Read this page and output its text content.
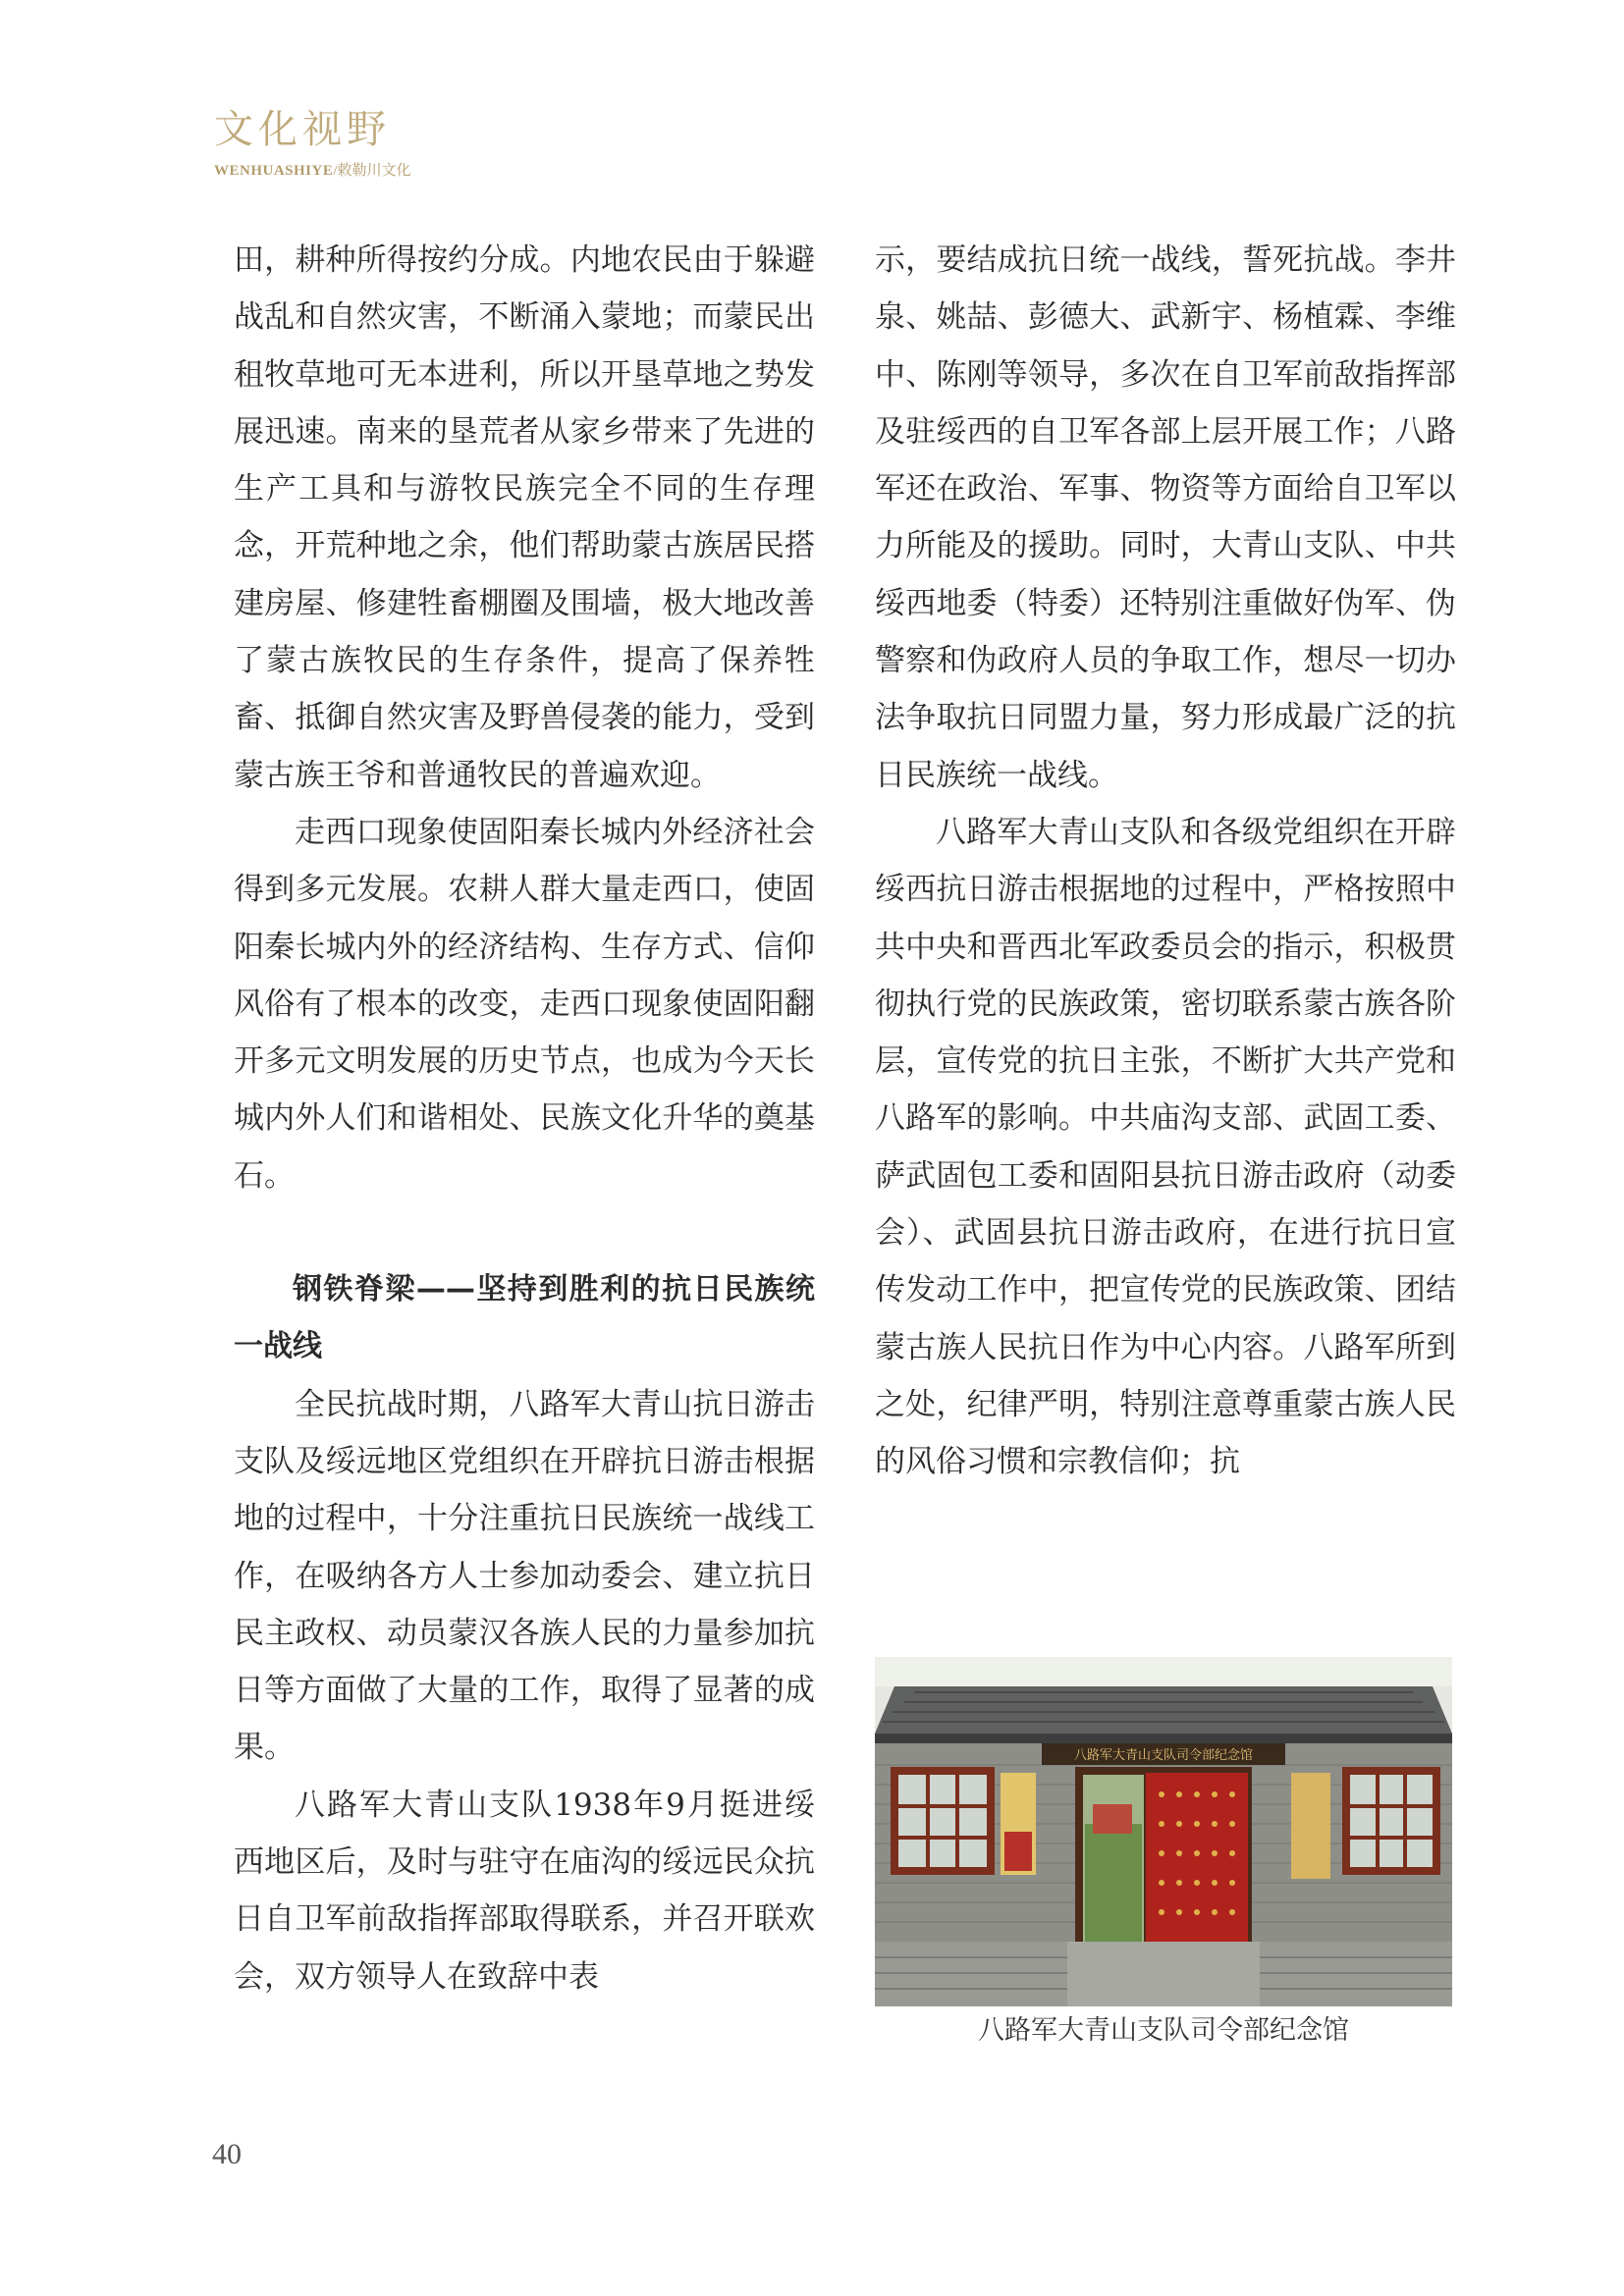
文化视野
WENHUASHIYE/敕勒川文化

田，耕种所得按约分成。内地农民由于躲避战乱和自然灾害，不断涌入蒙地；而蒙民出租牧草地可无本进利，所以开垦草地之势发展迅速。南来的垦荒者从家乡带来了先进的生产工具和与游牧民族完全不同的生存理念，开荒种地之余，他们帮助蒙古族居民搭建房屋、修建牲畜棚圈及围墙，极大地改善了蒙古族牧民的生存条件，提高了保养牲畜、抵御自然灾害及野兽侵袭的能力，受到蒙古族王爷和普通牧民的普遍欢迎。

走西口现象使固阳秦长城内外经济社会得到多元发展。农耕人群大量走西口，使固阳秦长城内外的经济结构、生存方式、信仰风俗有了根本的改变，走西口现象使固阳翻开多元文明发展的历史节点，也成为今天长城内外人们和谐相处、民族文化升华的奠基石。

钢铁脊梁——坚持到胜利的抗日民族统一战线

全民抗战时期，八路军大青山抗日游击支队及绥远地区党组织在开辟抗日游击根据地的过程中，十分注重抗日民族统一战线工作，在吸纳各方人士参加动委会、建立抗日民主政权、动员蒙汉各族人民的力量参加抗日等方面做了大量的工作，取得了显著的成果。

八路军大青山支队1938年9月挺进绥西地区后，及时与驻守在庙沟的绥远民众抗日自卫军前敌指挥部取得联系，并召开联欢会，双方领导人在致辞中表

示，要结成抗日统一战线，誓死抗战。李井泉、姚喆、彭德大、武新宇、杨植霖、李维中、陈刚等领导，多次在自卫军前敌指挥部及驻绥西的自卫军各部上层开展工作；八路军还在政治、军事、物资等方面给自卫军以力所能及的援助。同时，大青山支队、中共绥西地委（特委）还特别注重做好伪军、伪警察和伪政府人员的争取工作，想尽一切办法争取抗日同盟力量，努力形成最广泛的抗日民族统一战线。

八路军大青山支队和各级党组织在开辟绥西抗日游击根据地的过程中，严格按照中共中央和晋西北军政委员会的指示，积极贯彻执行党的民族政策，密切联系蒙古族各阶层，宣传党的抗日主张，不断扩大共产党和八路军的影响。中共庙沟支部、武固工委、萨武固包工委和固阳县抗日游击政府（动委会）、武固县抗日游击政府，在进行抗日宣传发动工作中，把宣传党的民族政策、团结蒙古族人民抗日作为中心内容。八路军所到之处，纪律严明，特别注意尊重蒙古族人民的风俗习惯和宗教信仰；抗

八路军大青山支队司令部纪念馆
八路军大青山支队司令部纪念馆
40
